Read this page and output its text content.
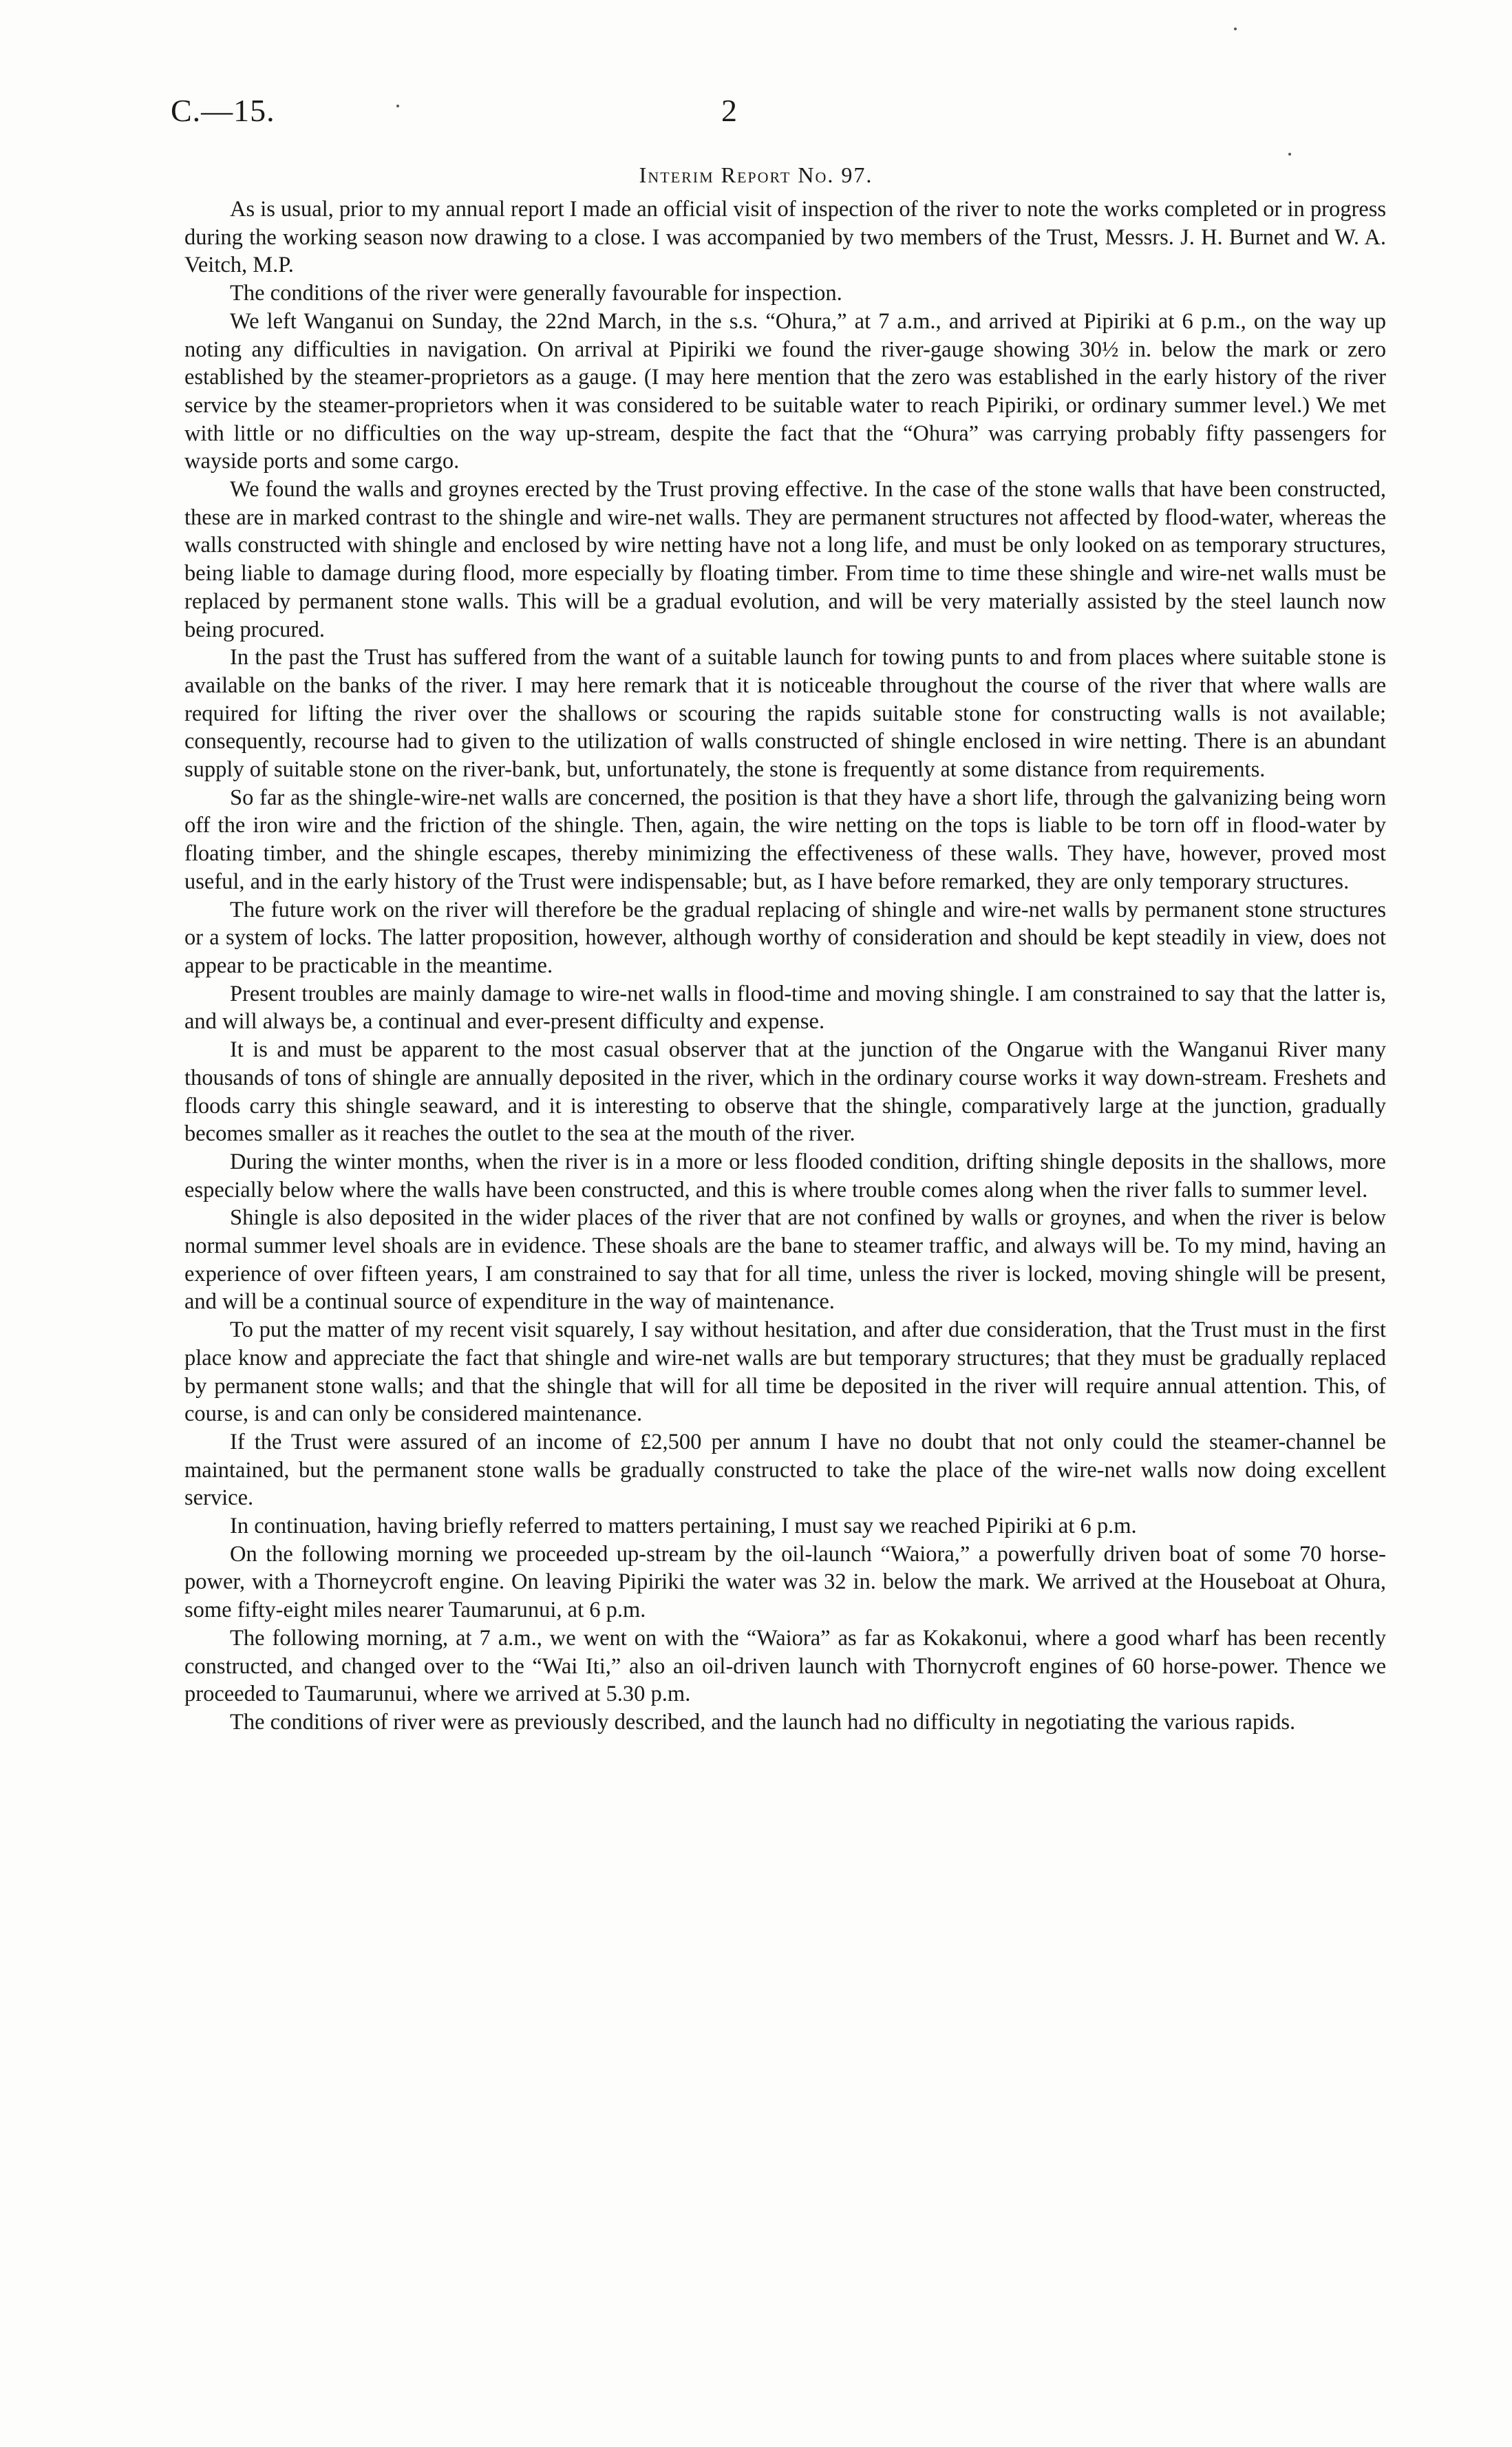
C.—15.	2
Interim Report No. 97.

As is usual, prior to my annual report I made an official visit of inspection of the river to note the works completed or in progress during the working season now drawing to a close. I was accompanied by two members of the Trust, Messrs. J. H. Burnet and W. A. Veitch, M.P.

The conditions of the river were generally favourable for inspection.

We left Wanganui on Sunday, the 22nd March, in the s.s. “Ohura,” at 7 a.m., and arrived at Pipiriki at 6 p.m., on the way up noting any difficulties in navigation. On arrival at Pipiriki we found the river-gauge showing 30½ in. below the mark or zero established by the steamer-proprietors as a gauge. (I may here mention that the zero was established in the early history of the river service by the steamer-proprietors when it was considered to be suitable water to reach Pipiriki, or ordinary summer level.) We met with little or no difficulties on the way up-stream, despite the fact that the “Ohura” was carrying probably fifty passengers for wayside ports and some cargo.

We found the walls and groynes erected by the Trust proving effective. In the case of the stone walls that have been constructed, these are in marked contrast to the shingle and wire-net walls. They are permanent structures not affected by flood-water, whereas the walls constructed with shingle and enclosed by wire netting have not a long life, and must be only looked on as temporary structures, being liable to damage during flood, more especially by floating timber. From time to time these shingle and wire-net walls must be replaced by permanent stone walls. This will be a gradual evolution, and will be very materially assisted by the steel launch now being procured.

In the past the Trust has suffered from the want of a suitable launch for towing punts to and from places where suitable stone is available on the banks of the river. I may here remark that it is noticeable throughout the course of the river that where walls are required for lifting the river over the shallows or scouring the rapids suitable stone for constructing walls is not available; consequently, recourse had to given to the utilization of walls constructed of shingle enclosed in wire netting. There is an abundant supply of suitable stone on the river-bank, but, unfortunately, the stone is frequently at some distance from requirements.

So far as the shingle-wire-net walls are concerned, the position is that they have a short life, through the galvanizing being worn off the iron wire and the friction of the shingle. Then, again, the wire netting on the tops is liable to be torn off in flood-water by floating timber, and the shingle escapes, thereby minimizing the effectiveness of these walls. They have, however, proved most useful, and in the early history of the Trust were indispensable; but, as I have before remarked, they are only temporary structures.

The future work on the river will therefore be the gradual replacing of shingle and wire-net walls by permanent stone structures or a system of locks. The latter proposition, however, although worthy of consideration and should be kept steadily in view, does not appear to be practicable in the meantime.

Present troubles are mainly damage to wire-net walls in flood-time and moving shingle. I am constrained to say that the latter is, and will always be, a continual and ever-present difficulty and expense.

It is and must be apparent to the most casual observer that at the junction of the Ongarue with the Wanganui River many thousands of tons of shingle are annually deposited in the river, which in the ordinary course works it way down-stream. Freshets and floods carry this shingle seaward, and it is interesting to observe that the shingle, comparatively large at the junction, gradually becomes smaller as it reaches the outlet to the sea at the mouth of the river.

During the winter months, when the river is in a more or less flooded condition, drifting shingle deposits in the shallows, more especially below where the walls have been constructed, and this is where trouble comes along when the river falls to summer level.

Shingle is also deposited in the wider places of the river that are not confined by walls or groynes, and when the river is below normal summer level shoals are in evidence. These shoals are the bane to steamer traffic, and always will be. To my mind, having an experience of over fifteen years, I am constrained to say that for all time, unless the river is locked, moving shingle will be present, and will be a continual source of expenditure in the way of maintenance.

To put the matter of my recent visit squarely, I say without hesitation, and after due consideration, that the Trust must in the first place know and appreciate the fact that shingle and wire-net walls are but temporary structures; that they must be gradually replaced by permanent stone walls; and that the shingle that will for all time be deposited in the river will require annual attention. This, of course, is and can only be considered maintenance.

If the Trust were assured of an income of £2,500 per annum I have no doubt that not only could the steamer-channel be maintained, but the permanent stone walls be gradually constructed to take the place of the wire-net walls now doing excellent service.

In continuation, having briefly referred to matters pertaining, I must say we reached Pipiriki at 6 p.m.

On the following morning we proceeded up-stream by the oil-launch “Waiora,” a powerfully driven boat of some 70 horse-power, with a Thorneycroft engine. On leaving Pipiriki the water was 32 in. below the mark. We arrived at the Houseboat at Ohura, some fifty-eight miles nearer Taumarunui, at 6 p.m.

The following morning, at 7 a.m., we went on with the “Waiora” as far as Kokakonui, where a good wharf has been recently constructed, and changed over to the “Wai Iti,” also an oil-driven launch with Thornycroft engines of 60 horse-power. Thence we proceeded to Taumarunui, where we arrived at 5.30 p.m.

The conditions of river were as previously described, and the launch had no difficulty in negotiating the various rapids.
